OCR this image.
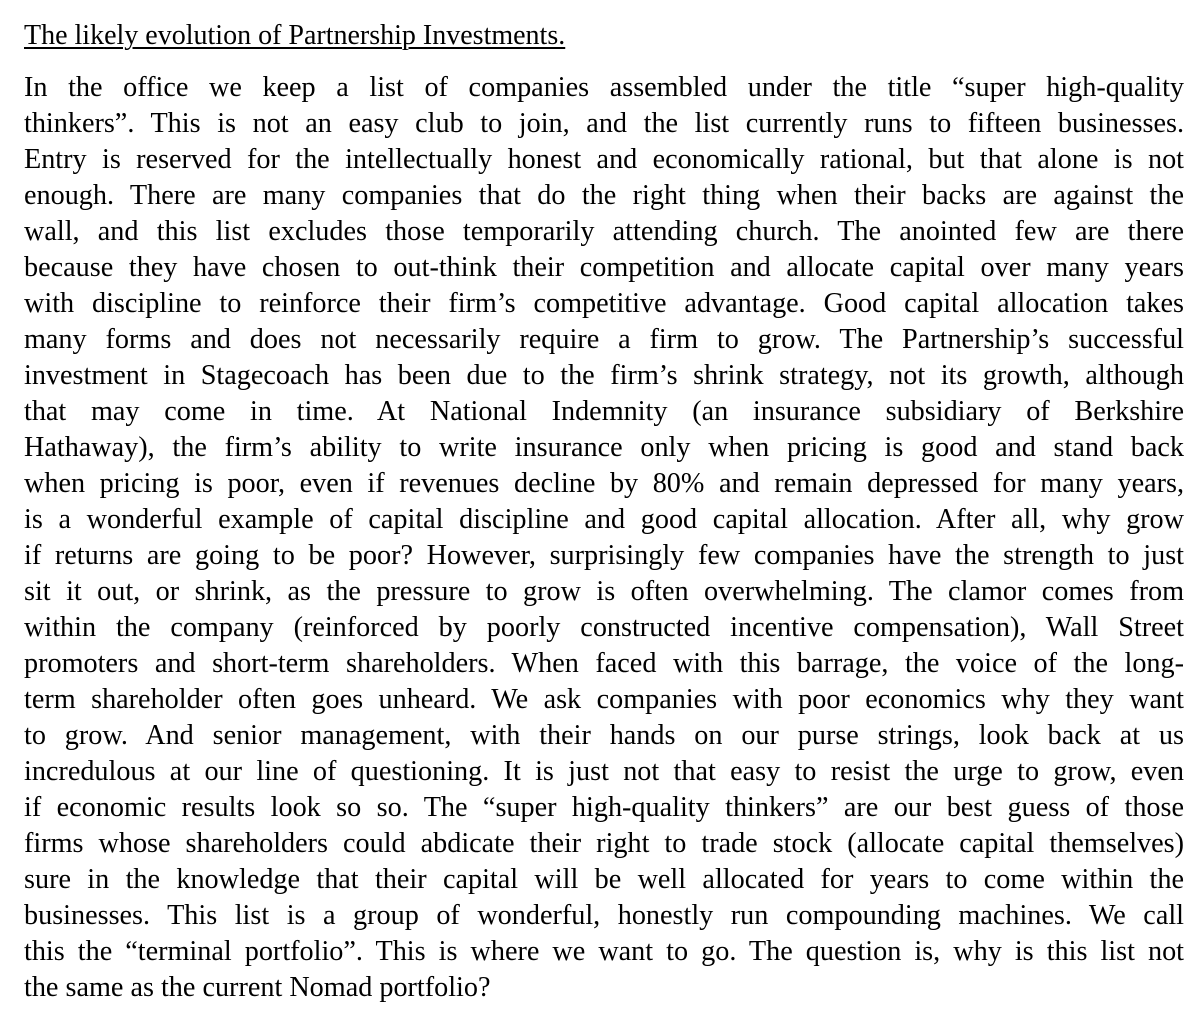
The likely evolution of Partnership Investments.

In the office we keep a list of companies assembled under the title “super high-quality
thinkers”. This is not an easy club to join, and the list currently runs to fifteen businesses.
Entry is reserved for the intellectually honest and economically rational, but that alone is not
enough. There are many companies that do the right thing when their backs are against the
wall, and this list excludes those temporarily attending church. The anointed few are there
because they have chosen to out-think their competition and allocate capital over many years
with discipline to reinforce their firm’s competitive advantage. Good capital allocation takes
many forms and does not necessarily require a firm to grow. The Partnership’s successful
investment in Stagecoach has been due to the firm’s shrink strategy, not its growth, although
that may come in time. At National Indemnity (an insurance subsidiary of Berkshire
Hathaway), the firm’s ability to write insurance only when pricing is good and stand back
when pricing is poor, even if revenues decline by 80% and remain depressed for many years,
is a wonderful example of capital discipline and good capital allocation. After all, why grow
if returns are going to be poor? However, surprisingly few companies have the strength to just
sit it out, or shrink, as the pressure to grow is often overwhelming. The clamor comes from
within the company (reinforced by poorly constructed incentive compensation), Wall Street
promoters and short-term shareholders. When faced with this barrage, the voice of the long-
term shareholder often goes unheard. We ask companies with poor economics why they want
to grow. And senior management, with their hands on our purse strings, look back at us
incredulous at our line of questioning. It is just not that easy to resist the urge to grow, even
if economic results look so so. The “super high-quality thinkers” are our best guess of those
firms whose shareholders could abdicate their right to trade stock (allocate capital themselves)
sure in the knowledge that their capital will be well allocated for years to come within the
businesses. This list is a group of wonderful, honestly run compounding machines. We call
this the “terminal portfolio”. This is where we want to go. The question is, why is this list not
the same as the current Nomad portfolio?
